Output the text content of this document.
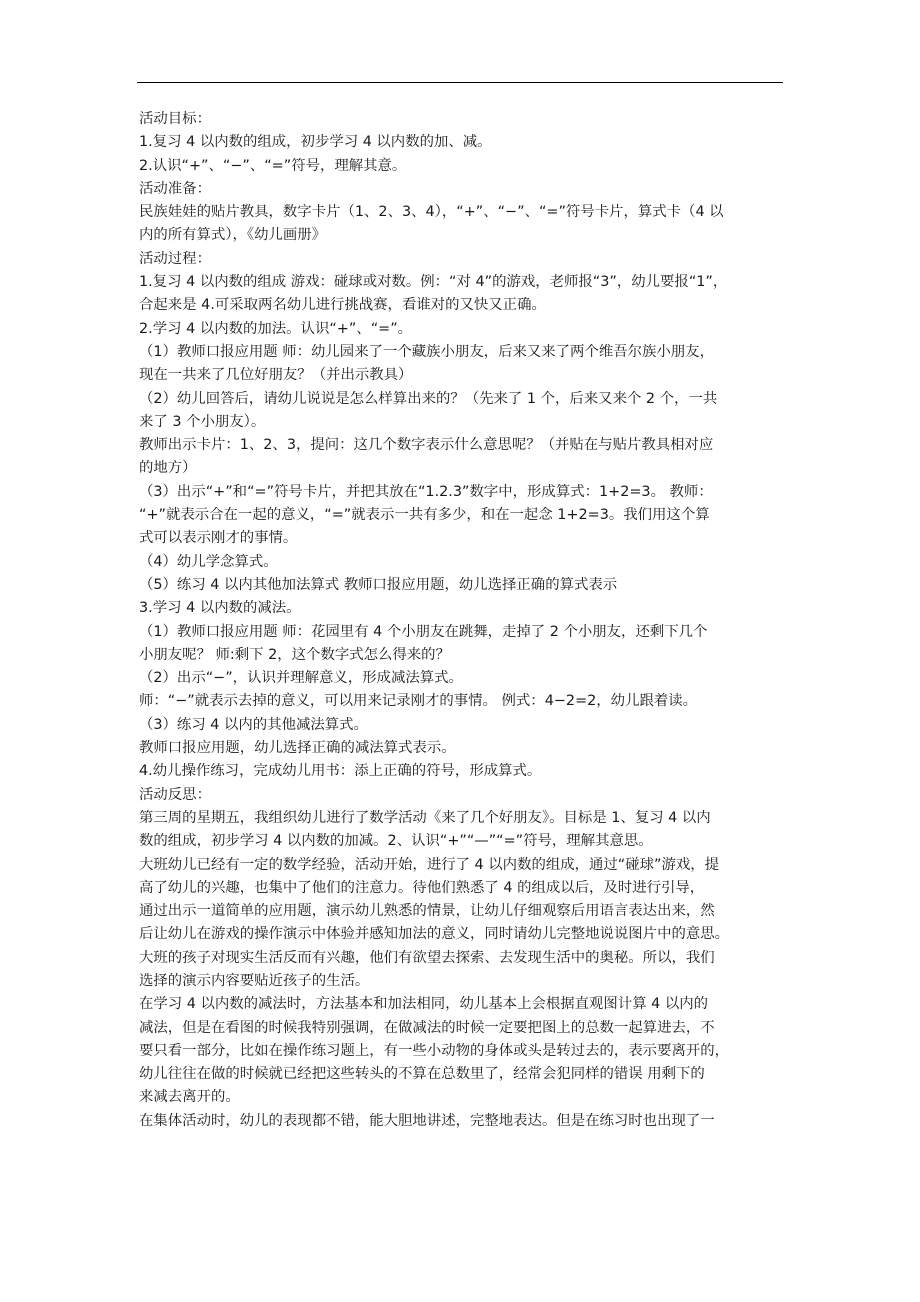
活动目标：
1.复习 4 以内数的组成，初步学习 4 以内数的加、减。
2.认识“+”、“−”、“=”符号，理解其意。
活动准备：
民族娃娃的贴片教具，数字卡片（1、2、3、4），“+”、“−”、“=”符号卡片，算式卡（4 以
内的所有算式），《幼儿画册》
活动过程：
1.复习 4 以内数的组成 游戏：碰球或对数。例：“对 4”的游戏，老师报“3”，幼儿要报“1”，
合起来是 4.可采取两名幼儿进行挑战赛，看谁对的又快又正确。
2.学习 4 以内数的加法。认识“+”、“=”。
（1）教师口报应用题 师：幼儿园来了一个藏族小朋友，后来又来了两个维吾尔族小朋友，
现在一共来了几位好朋友？（并出示教具）
（2）幼儿回答后，请幼儿说说是怎么样算出来的？（先来了 1 个，后来又来个 2 个，一共
来了 3 个小朋友）。
教师出示卡片：1、2、3，提问：这几个数字表示什么意思呢？（并贴在与贴片教具相对应
的地方）
（3）出示“+”和“=”符号卡片，并把其放在“1.2.3”数字中，形成算式：1+2=3。 教师：
“+”就表示合在一起的意义，“=”就表示一共有多少，和在一起念 1+2=3。我们用这个算
式可以表示刚才的事情。
（4）幼儿学念算式。
（5）练习 4 以内其他加法算式 教师口报应用题，幼儿选择正确的算式表示
3.学习 4 以内数的减法。
（1）教师口报应用题 师：花园里有 4 个小朋友在跳舞，走掉了 2 个小朋友，还剩下几个
小朋友呢？ 师:剩下 2，这个数字式怎么得来的？
（2）出示“−”，认识并理解意义，形成减法算式。
师：“−”就表示去掉的意义，可以用来记录刚才的事情。 例式：4−2=2，幼儿跟着读。
（3）练习 4 以内的其他减法算式。
教师口报应用题，幼儿选择正确的减法算式表示。
4.幼儿操作练习，完成幼儿用书：添上正确的符号，形成算式。
活动反思：
第三周的星期五，我组织幼儿进行了数学活动《来了几个好朋友》。目标是 1、复习 4 以内
数的组成，初步学习 4 以内数的加减。2、认识“+”“—”“=”符号，理解其意思。
大班幼儿已经有一定的数学经验，活动开始，进行了 4 以内数的组成，通过“碰球”游戏，提
高了幼儿的兴趣，也集中了他们的注意力。待他们熟悉了 4 的组成以后，及时进行引导，
通过出示一道简单的应用题，演示幼儿熟悉的情景，让幼儿仔细观察后用语言表达出来，然
后让幼儿在游戏的操作演示中体验并感知加法的意义，同时请幼儿完整地说说图片中的意思。
大班的孩子对现实生活反而有兴趣，他们有欲望去探索、去发现生活中的奥秘。所以，我们
选择的演示内容要贴近孩子的生活。
在学习 4 以内数的减法时，方法基本和加法相同，幼儿基本上会根据直观图计算 4 以内的
减法，但是在看图的时候我特别强调，在做减法的时候一定要把图上的总数一起算进去，不
要只看一部分，比如在操作练习题上，有一些小动物的身体或头是转过去的，表示要离开的，
幼儿往往在做的时候就已经把这些转头的不算在总数里了，经常会犯同样的错误 用剩下的
来减去离开的。
在集体活动时，幼儿的表现都不错，能大胆地讲述，完整地表达。但是在练习时也出现了一
